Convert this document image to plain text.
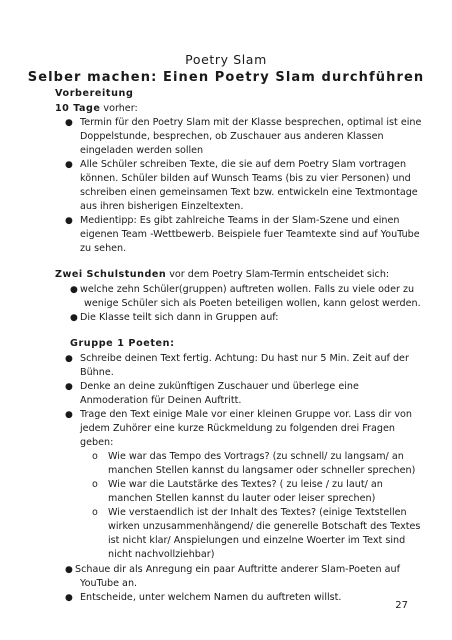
Poetry Slam
Selber machen: Einen Poetry Slam durchführen
Vorbereitung
10 Tage vorher:
● Termin für den Poetry Slam mit der Klasse besprechen, optimal ist eine
Doppelstunde, besprechen, ob Zuschauer aus anderen Klassen
eingeladen werden sollen
● Alle Schüler schreiben Texte, die sie auf dem Poetry Slam vortragen
können. Schüler bilden auf Wunsch Teams (bis zu vier Personen) und
schreiben einen gemeinsamen Text bzw. entwickeln eine Textmontage
aus ihren bisherigen Einzeltexten.
● Medientipp: Es gibt zahlreiche Teams in der Slam-Szene und einen
eigenen Team -Wettbewerb. Beispiele fuer Teamtexte sind auf YouTube
zu sehen.
Zwei Schulstunden vor dem Poetry Slam-Termin entscheidet sich:
● welche zehn Schüler(gruppen) auftreten wollen. Falls zu viele oder zu
wenige Schüler sich als Poeten beteiligen wollen, kann gelost werden.
● Die Klasse teilt sich dann in Gruppen auf:
Gruppe 1 Poeten:
● Schreibe deinen Text fertig. Achtung: Du hast nur 5 Min. Zeit auf der
Bühne.
● Denke an deine zukünftigen Zuschauer und überlege eine
Anmoderation für Deinen Auftritt.
● Trage den Text einige Male vor einer kleinen Gruppe vor. Lass dir von
jedem Zuhörer eine kurze Rückmeldung zu folgenden drei Fragen
geben:
o Wie war das Tempo des Vortrags? (zu schnell/ zu langsam/ an
manchen Stellen kannst du langsamer oder schneller sprechen)
o Wie war die Lautstärke des Textes? ( zu leise / zu laut/ an
manchen Stellen kannst du lauter oder leiser sprechen)
o Wie verstaendlich ist der Inhalt des Textes? (einige Textstellen
wirken unzusammenhängend/ die generelle Botschaft des Textes
ist nicht klar/ Anspielungen und einzelne Woerter im Text sind
nicht nachvollziehbar)
● Schaue dir als Anregung ein paar Auftritte anderer Slam-Poeten auf
YouTube an.
● Entscheide, unter welchem Namen du auftreten willst.
27
